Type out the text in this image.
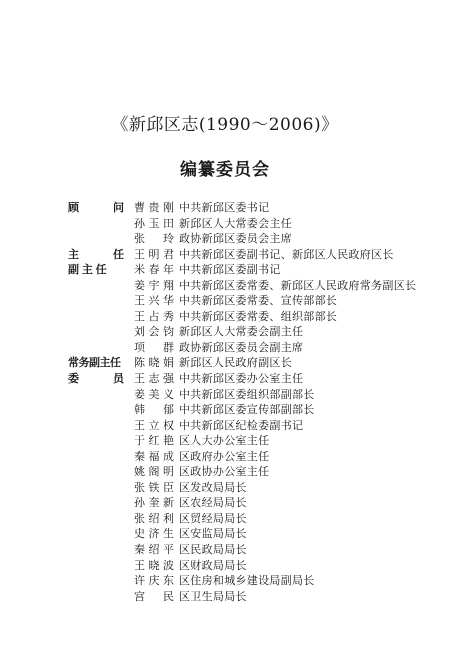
《新邱区志(1990～2006)》
编纂委员会
顾　　问 曹贵刚 中共新邱区委书记
孙玉田 新邱区人大常委会主任
张　玲 政协新邱区委员会主席
主　　任 王明君 中共新邱区委副书记、新邱区人民政府区长
副 主 任	米春年 中共新邱区委副书记
姜宇翔 中共新邱区委常委、新邱区人民政府常务副区长
王兴华 中共新邱区委常委、宣传部部长
王占秀 中共新邱区委常委、组织部部长
刘会钧 新邱区人大常委会副主任
项　群 政协新邱区委员会副主席
常务副主任	陈晓娟 新邱区人民政府副区长
委　　员 王志强 中共新邱区委办公室主任
姜美义 中共新邱区委组织部副部长
韩　郁 中共新邱区委宣传部副部长
王立权 中共新邱区纪检委副书记
于红艳 区人大办公室主任
秦福成 区政府办公室主任
姚阁明 区政协办公室主任
张铁臣 区发改局局长
孙奎新 区农经局局长
张绍利 区贸经局局长
史济生 区安监局局长
秦绍平 区民政局局长
王晓波 区财政局局长
许庆东 区住房和城乡建设局副局长
宫　民 区卫生局局长
